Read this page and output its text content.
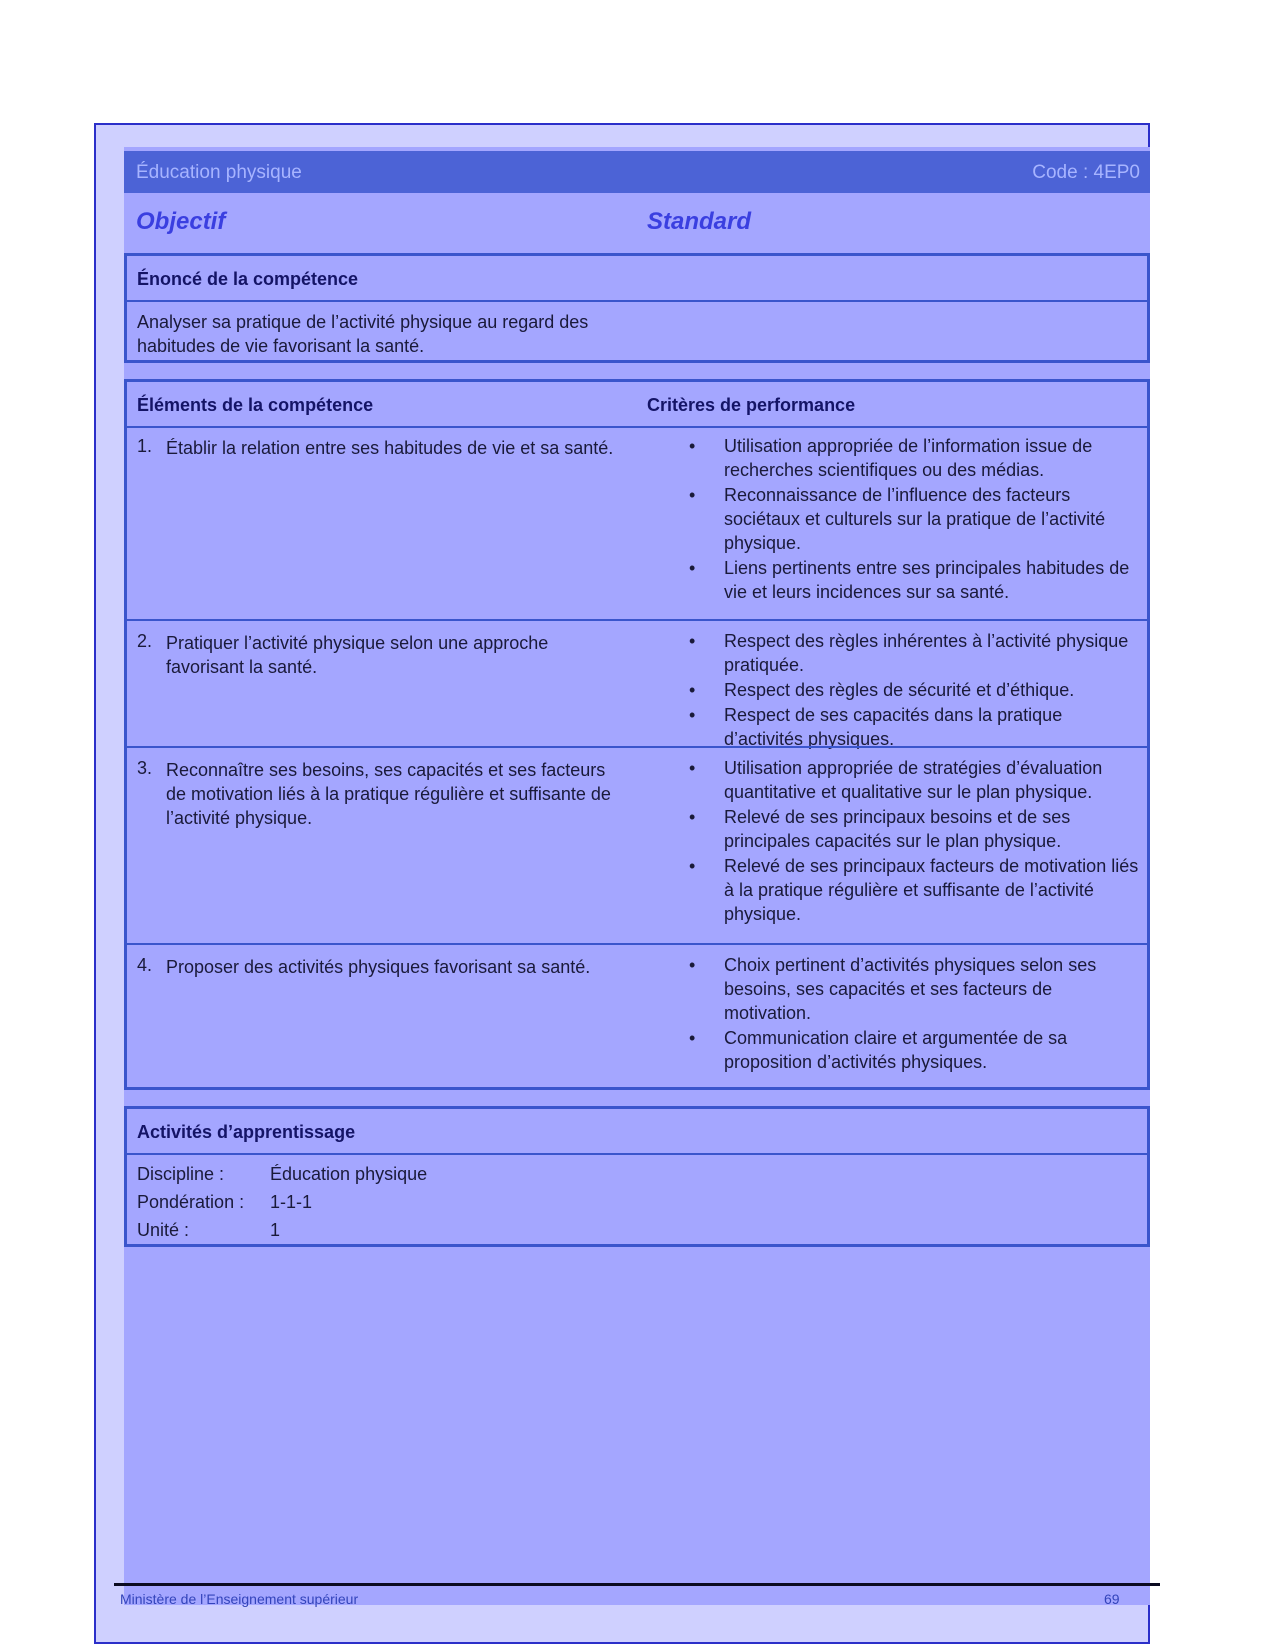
Éducation physique	Code : 4EP0
Objectif	Standard
Énoncé de la compétence
Analyser sa pratique de l’activité physique au regard des habitudes de vie favorisant la santé.
Éléments de la compétence	Critères de performance
1. Établir la relation entre ses habitudes de vie et sa santé.	• Utilisation appropriée de l’information issue de recherches scientifiques ou des médias.
• Reconnaissance de l’influence des facteurs sociétaux et culturels sur la pratique de l’activité physique.
• Liens pertinents entre ses principales habitudes de vie et leurs incidences sur sa santé.
2. Pratiquer l’activité physique selon une approche favorisant la santé.
• Respect des règles inhérentes à l’activité physique pratiquée.
• Respect des règles de sécurité et d’éthique.
• Respect de ses capacités dans la pratique d’activités physiques.
3. Reconnaître ses besoins, ses capacités et ses facteurs de motivation liés à la pratique régulière et suffisante de l’activité physique.
• Utilisation appropriée de stratégies d’évaluation quantitative et qualitative sur le plan physique.
• Relevé de ses principaux besoins et de ses principales capacités sur le plan physique.
• Relevé de ses principaux facteurs de motivation liés à la pratique régulière et suffisante de l’activité physique.
4. Proposer des activités physiques favorisant sa santé.	• Choix pertinent d’activités physiques selon ses besoins, ses capacités et ses facteurs de motivation.
• Communication claire et argumentée de sa proposition d’activités physiques.
Activités d’apprentissage
Discipline :	Éducation physique
Pondération : 1-1-1
Unité :	1
Ministère de l’Enseignement supérieur	69
